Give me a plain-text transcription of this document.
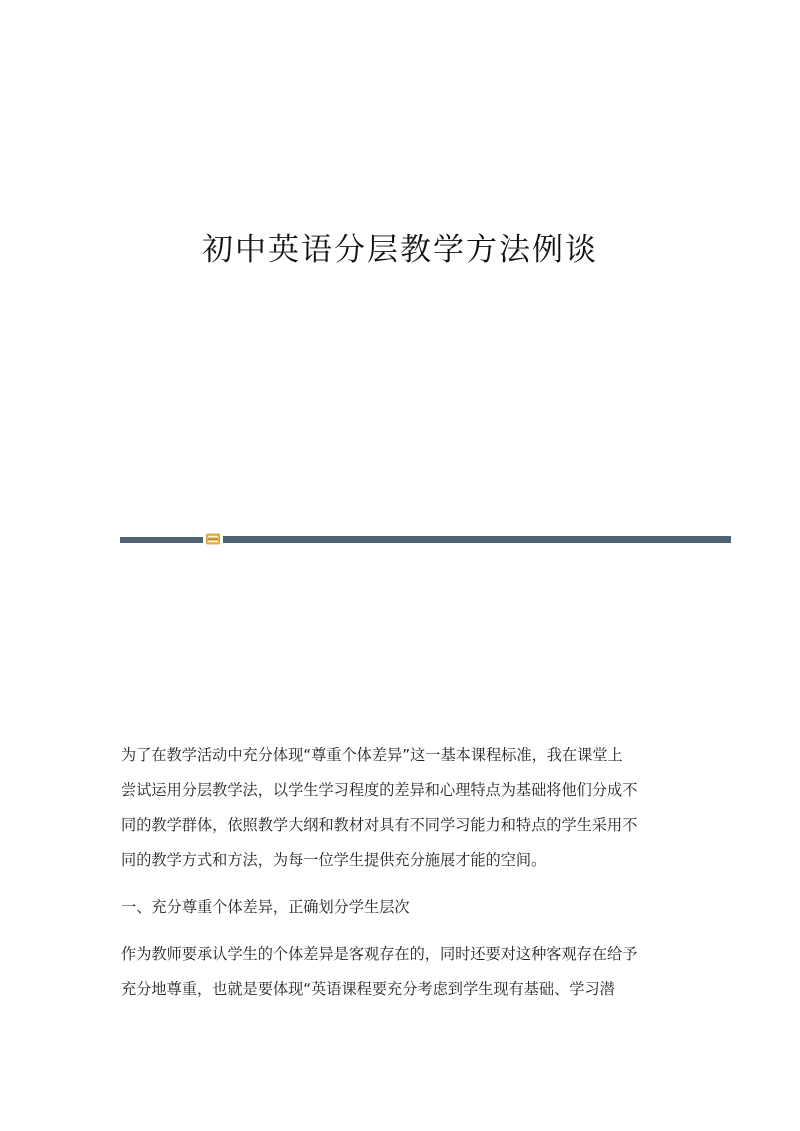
初中英语分层教学方法例谈
为了在教学活动中充分体现“尊重个体差异”这一基本课程标准，我在课堂上
尝试运用分层教学法，以学生学习程度的差异和心理特点为基础将他们分成不
同的教学群体，依照教学大纲和教材对具有不同学习能力和特点的学生采用不
同的教学方式和方法，为每一位学生提供充分施展才能的空间。
一、充分尊重个体差异，正确划分学生层次
作为教师要承认学生的个体差异是客观存在的，同时还要对这种客观存在给予
充分地尊重，也就是要体现“英语课程要充分考虑到学生现有基础、学习潜
